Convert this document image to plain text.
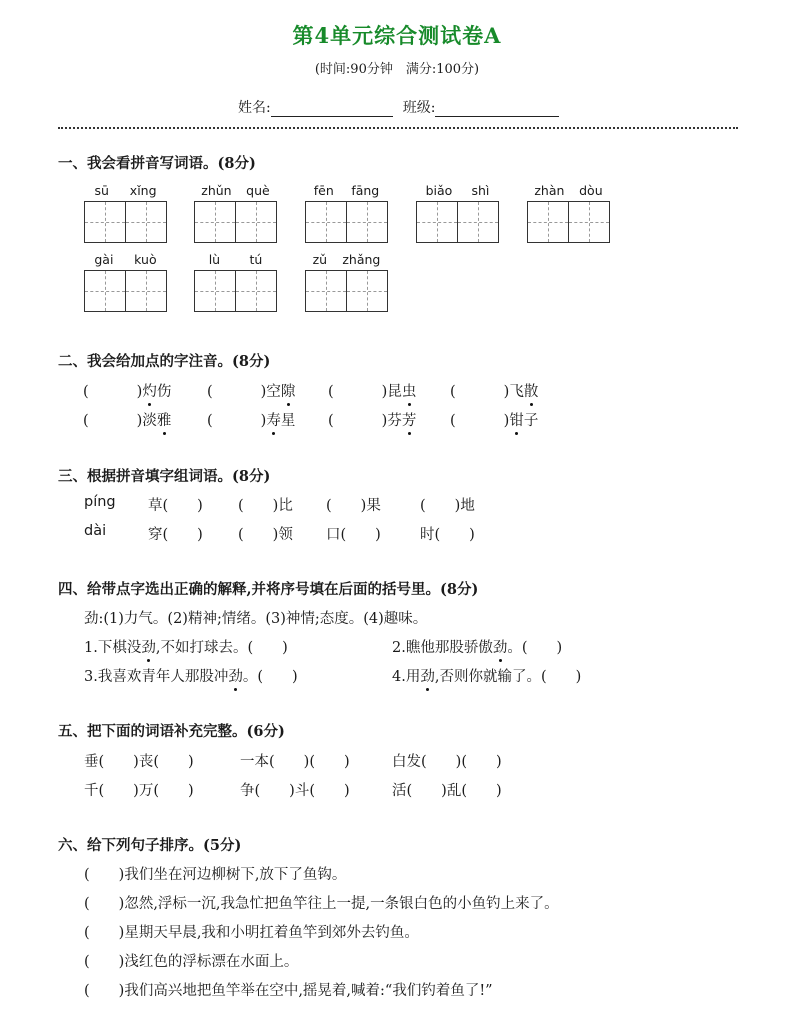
第4单元综合测试卷A
(时间:90分钟　满分:100分)
姓名:	班级:
一、我会看拼音写词语。(8分)
sū xǐng	zhǔn què	fēn fāng	biǎo shì	zhàn dòu
gài kuò	lù tú	zǔ zhǎng
二、我会给加点的字注音。(8分)
(	)灼伤 (	)空隙 (	)昆虫 (	)飞散
(	)淡雅 (	)寿星 (	)芬芳 (	)钳子
三、根据拼音填字组词语。(8分)
píng 草(　　) (　　)比 (　　)果	(　　)地
dài	穿(　　) (　　)领 口(　　)	时(　　)
四、给带点字选出正确的解释,并将序号填在后面的括号里。(8分)
劲:(1)力气。(2)精神;情绪。(3)神情;态度。(4)趣味。
1.下棋没劲,不如打球去。(　　)	2.瞧他那股骄傲劲。(　　)
3.我喜欢青年人那股冲劲。(　　)	4.用劲,否则你就输了。(　　)
五、把下面的词语补充完整。(6分)
垂(　　)丧(　　)	一本(　　)(　　)	白发(　　)(　　)
千(　　)万(　　)	争(　　)斗(　　)	活(　　)乱(　　)
六、给下列句子排序。(5分)
(　　)我们坐在河边柳树下,放下了鱼钩。
(　　)忽然,浮标一沉,我急忙把鱼竿往上一提,一条银白色的小鱼钓上来了。
(　　)星期天早晨,我和小明扛着鱼竿到郊外去钓鱼。
(　　)浅红色的浮标漂在水面上。
(　　)我们高兴地把鱼竿举在空中,摇晃着,喊着:“我们钓着鱼了!”
